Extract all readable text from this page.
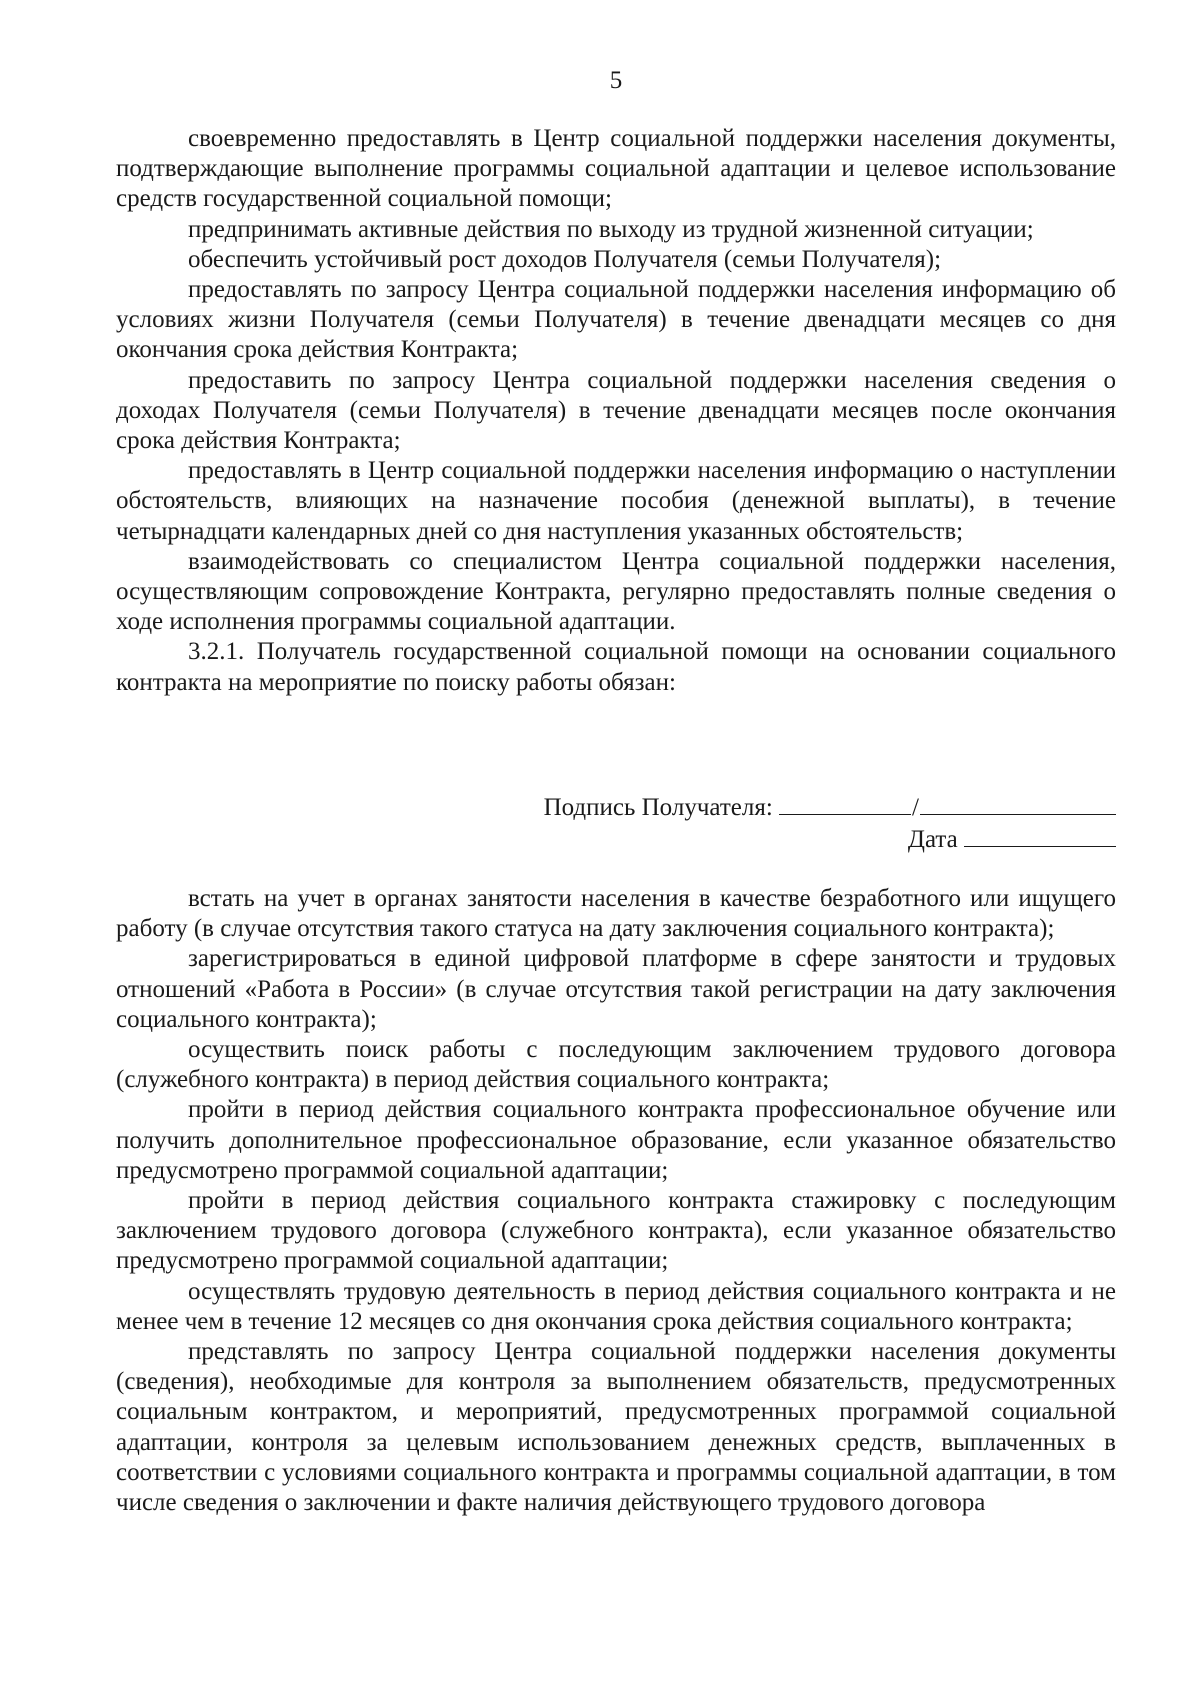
5

своевременно предоставлять в Центр социальной поддержки населения документы, подтверждающие выполнение программы социальной адаптации и целевое использование средств государственной социальной помощи;

предпринимать активные действия по выходу из трудной жизненной ситуации;

обеспечить устойчивый рост доходов Получателя (семьи Получателя);

предоставлять по запросу Центра социальной поддержки населения информацию об условиях жизни Получателя (семьи Получателя) в течение двенадцати месяцев со дня окончания срока действия Контракта;

предоставить по запросу Центра социальной поддержки населения сведения о доходах Получателя (семьи Получателя) в течение двенадцати месяцев после окончания срока действия Контракта;

предоставлять в Центр социальной поддержки населения информацию о наступлении обстоятельств, влияющих на назначение пособия (денежной выплаты), в течение четырнадцати календарных дней со дня наступления указанных обстоятельств;

взаимодействовать со специалистом Центра социальной поддержки населения, осуществляющим сопровождение Контракта, регулярно предоставлять полные сведения о ходе исполнения программы социальной адаптации.

3.2.1. Получатель государственной социальной помощи на основании социального контракта на мероприятие по поиску работы обязан:

Подпись Получателя:	/
Дата

встать на учет в органах занятости населения в качестве безработного или ищущего работу (в случае отсутствия такого статуса на дату заключения социального контракта);

зарегистрироваться в единой цифровой платформе в сфере занятости и трудовых отношений «Работа в России» (в случае отсутствия такой регистрации на дату заключения социального контракта);

осуществить поиск работы с последующим заключением трудового договора (служебного контракта) в период действия социального контракта;

пройти в период действия социального контракта профессиональное обучение или получить дополнительное профессиональное образование, если указанное обязательство предусмотрено программой социальной адаптации;

пройти в период действия социального контракта стажировку с последующим заключением трудового договора (служебного контракта), если указанное обязательство предусмотрено программой социальной адаптации;

осуществлять трудовую деятельность в период действия социального контракта и не менее чем в течение 12 месяцев со дня окончания срока действия социального контракта;

представлять по запросу Центра социальной поддержки населения документы (сведения), необходимые для контроля за выполнением обязательств, предусмотренных социальным контрактом, и мероприятий, предусмотренных программой социальной адаптации, контроля за целевым использованием денежных средств, выплаченных в соответствии с условиями социального контракта и программы социальной адаптации, в том числе сведения о заключении и факте наличия действующего трудового договора
